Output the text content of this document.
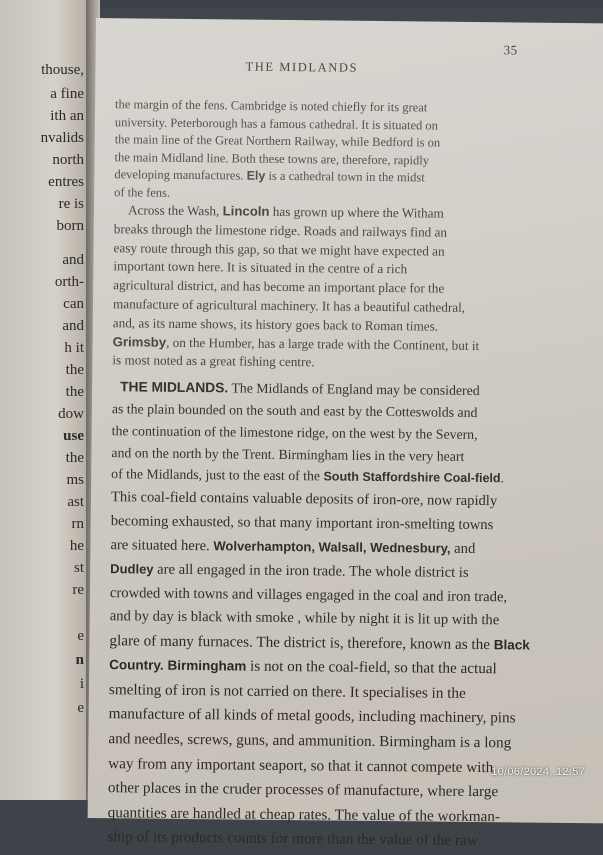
thouse,
a fine
ith an
nvalids
north
entres
re is
born
and
orth-
can
and
h it
the
the
dow
use
the
ms
ast
rn
he
st
re
e
n
i
e
35
THE MIDLANDS
the margin of the fens. Cambridge is noted chiefly for its great
university. Peterborough has a famous cathedral. It is situated on
the main line of the Great Northern Railway, while Bedford is on
the main Midland line. Both these towns are, therefore, rapidly
developing manufactures. Ely is a cathedral town in the midst
of the fens.
Across the Wash, Lincoln has grown up where the Witham
breaks through the limestone ridge. Roads and railways find an
easy route through this gap, so that we might have expected an
important town here. It is situated in the centre of a rich
agricultural district, and has become an important place for the
manufacture of agricultural machinery. It has a beautiful cathedral,
and, as its name shows, its history goes back to Roman times.
Grimsby, on the Humber, has a large trade with the Continent, but it
is most noted as a great fishing centre.
THE MIDLANDS. The Midlands of England may be considered
as the plain bounded on the south and east by the Cotteswolds and
the continuation of the limestone ridge, on the west by the Severn,
and on the north by the Trent. Birmingham lies in the very heart
of the Midlands, just to the east of the South Staffordshire Coal-field.
This coal-field contains valuable deposits of iron-ore, now rapidly
becoming exhausted, so that many important iron-smelting towns
are situated here. Wolverhampton, Walsall, Wednesbury, and
Dudley are all engaged in the iron trade. The whole district is
crowded with towns and villages engaged in the coal and iron trade,
and by day is black with smoke , while by night it is lit up with the
glare of many furnaces. The district is, therefore, known as the Black
Country. Birmingham is not on the coal-field, so that the actual
smelting of iron is not carried on there. It specialises in the
manufacture of all kinds of metal goods, including machinery, pins
and needles, screws, guns, and ammunition. Birmingham is a long
way from any important seaport, so that it cannot compete with
other places in the cruder processes of manufacture, where large
quantities are handled at cheap rates. The value of the workman-
ship of its products counts for more than the value of the raw
10/06/2024, 12:57
